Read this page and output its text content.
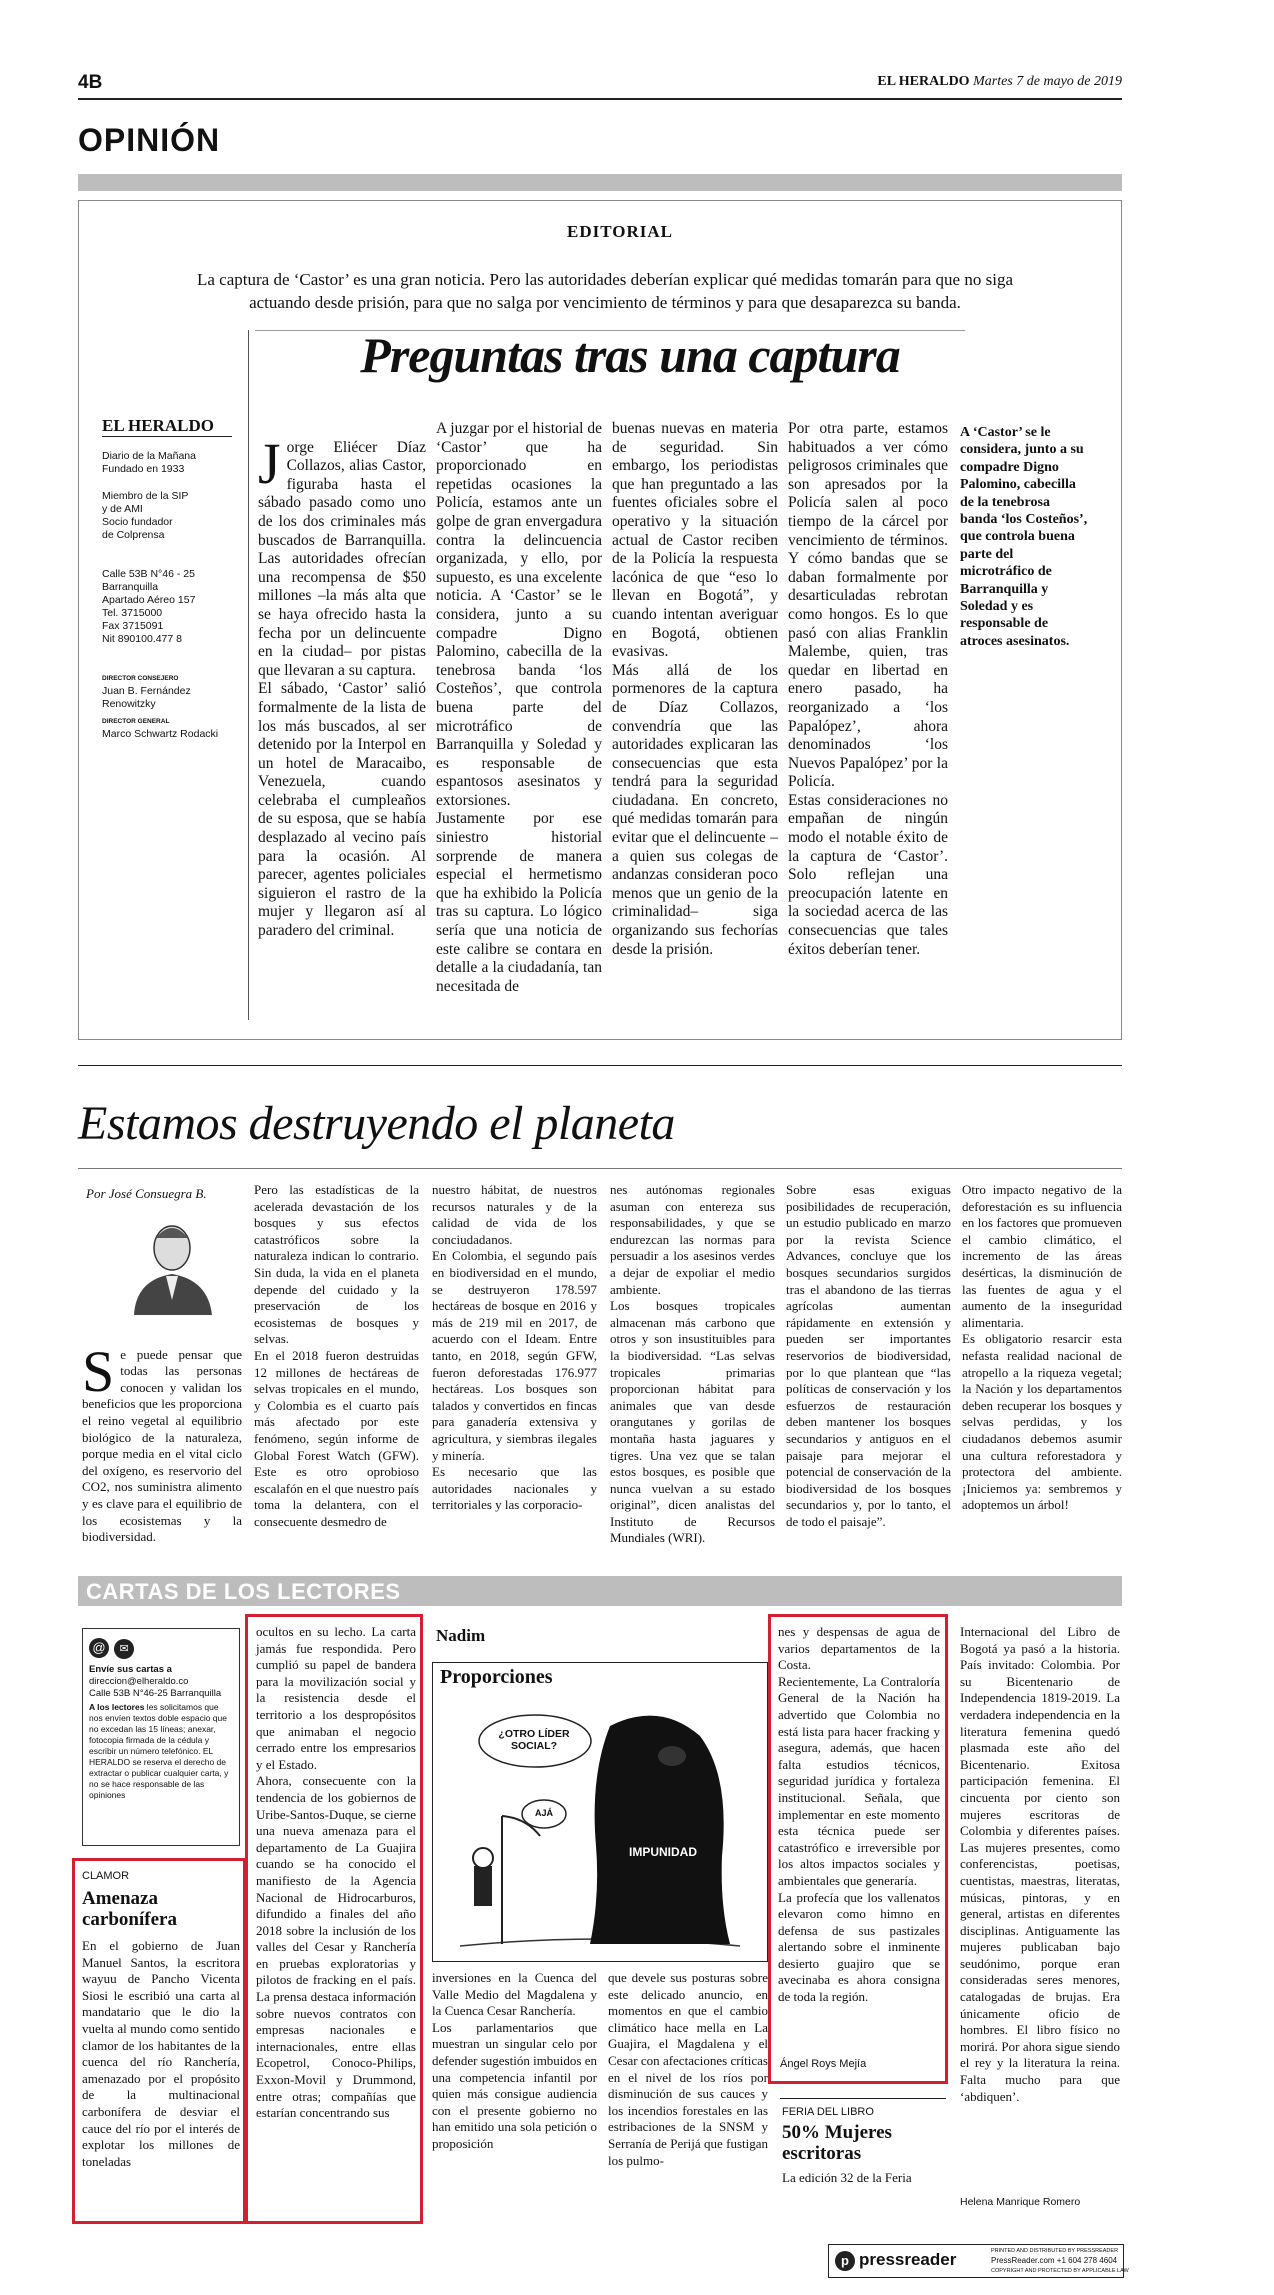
4B	EL HERALDO Martes 7 de mayo de 2019
OPINIÓN
EDITORIAL
La captura de ‘Castor’ es una gran noticia. Pero las autoridades deberían explicar qué medidas tomarán para que no siga actuando desde prisión, para que no salga por vencimiento de términos y para que desaparezca su banda.
Preguntas tras una captura
EL HERALDO
Diario de la Mañana
Fundado en 1933
Miembro de la SIP
y de AMI
Socio fundador
de Colprensa
Calle 53B N°46 - 25
Barranquilla
Apartado Aéreo 157
Tel. 3715000
Fax 3715091
Nit 890100.477 8
DIRECTOR CONSEJERO
Juan B. Fernández
Renowitzky
DIRECTOR GENERAL
Marco Schwartz Rodacki

Jorge Eliécer Díaz Collazos, alias Castor, figuraba hasta el sábado pasado como uno de los dos criminales más buscados de Barranquilla. Las autoridades ofrecían una recompensa de $50 millones –la más alta que se haya ofrecido hasta la fecha por un delincuente en la ciudad– por pistas que llevaran a su captura.
El sábado, ‘Castor’ salió formalmente de la lista de los más buscados, al ser detenido por la Interpol en un hotel de Maracaibo, Venezuela, cuando celebraba el cumpleaños de su esposa, que se había desplazado al vecino país para la ocasión. Al parecer, agentes policiales siguieron el rastro de la mujer y llegaron así al paradero del criminal.

A juzgar por el historial de ‘Castor’ que ha proporcionado en repetidas ocasiones la Policía, estamos ante un golpe de gran envergadura contra la delincuencia organizada, y ello, por supuesto, es una excelente noticia. A ‘Castor’ se le considera, junto a su compadre Digno Palomino, cabecilla de la tenebrosa banda ‘los Costeños’, que controla buena parte del microtráfico de Barranquilla y Soledad y es responsable de espantosos asesinatos y extorsiones.
Justamente por ese siniestro historial sorprende de manera especial el hermetismo que ha exhibido la Policía tras su captura. Lo lógico sería que una noticia de este calibre se contara en detalle a la ciudadanía, tan necesitada de
buenas nuevas en materia de seguridad. Sin embargo, los periodistas que han preguntado a las fuentes oficiales sobre el operativo y la situación actual de Castor reciben de la Policía la respuesta lacónica de que “eso lo llevan en Bogotá”, y cuando intentan averiguar en Bogotá, obtienen evasivas.
Más allá de los pormenores de la captura de Díaz Collazos, convendría que las autoridades explicaran las consecuencias que esta tendrá para la seguridad ciudadana. En concreto, qué medidas tomarán para evitar que el delincuente –a quien sus colegas de andanzas consideran poco menos que un genio de la criminalidad– siga organizando sus fechorías desde la prisión.
Por otra parte, estamos habituados a ver cómo peligrosos criminales que son apresados por la Policía salen al poco tiempo de la cárcel por vencimiento de términos. Y cómo bandas que se daban formalmente por desarticuladas rebrotan como hongos. Es lo que pasó con alias Franklin Malembe, quien, tras quedar en libertad en enero pasado, ha reorganizado a ‘los Papalópez’, ahora denominados ‘los Nuevos Papalópez’ por la Policía.
Estas consideraciones no empañan de ningún modo el notable éxito de la captura de ‘Castor’. Solo reflejan una preocupación latente en la sociedad acerca de las consecuencias que tales éxitos deberían tener.
A ‘Castor’ se le considera, junto a su compadre Digno Palomino, cabecilla de la tenebrosa banda ‘los Costeños’, que controla buena parte del microtráfico de Barranquilla y Soledad y es responsable de atroces asesinatos.
Estamos destruyendo el planeta
Por José Consuegra B.

Se puede pensar que todas las personas conocen y validan los beneficios que les proporciona el reino vegetal al equilibrio biológico de la naturaleza, porque media en el vital ciclo del oxígeno, es reservorio del CO2, nos suministra alimento y es clave para el equilibrio de los ecosistemas y la biodiversidad.

Pero las estadísticas de la acelerada devastación de los bosques y sus efectos catastróficos sobre la naturaleza indican lo contrario. Sin duda, la vida en el planeta depende del cuidado y la preservación de los ecosistemas de bosques y selvas.
En el 2018 fueron destruidas 12 millones de hectáreas de selvas tropicales en el mundo, y Colombia es el cuarto país más afectado por este fenómeno, según informe de Global Forest Watch (GFW). Este es otro oprobioso escalafón en el que nuestro país toma la delantera, con el consecuente desmedro de
nuestro hábitat, de nuestros recursos naturales y de la calidad de vida de los conciudadanos.
En Colombia, el segundo país en biodiversidad en el mundo, se destruyeron 178.597 hectáreas de bosque en 2016 y más de 219 mil en 2017, de acuerdo con el Ideam. Entre tanto, en 2018, según GFW, fueron deforestadas 176.977 hectáreas. Los bosques son talados y convertidos en fincas para ganadería extensiva y agricultura, y siembras ilegales y minería.
Es necesario que las autoridades nacionales y territoriales y las corporacio-
nes autónomas regionales asuman con entereza sus responsabilidades, y que se endurezcan las normas para persuadir a los asesinos verdes a dejar de expoliar el medio ambiente.
Los bosques tropicales almacenan más carbono que otros y son insustituibles para la biodiversidad. “Las selvas tropicales primarias proporcionan hábitat para animales que van desde orangutanes y gorilas de montaña hasta jaguares y tigres. Una vez que se talan estos bosques, es posible que nunca vuelvan a su estado original”, dicen analistas del Instituto de Recursos Mundiales (WRI).
Sobre esas exiguas posibilidades de recuperación, un estudio publicado en marzo por la revista Science Advances, concluye que los bosques secundarios surgidos tras el abandono de las tierras agrícolas aumentan rápidamente en extensión y pueden ser importantes reservorios de biodiversidad, por lo que plantean que “las políticas de conservación y los esfuerzos de restauración deben mantener los bosques secundarios y antiguos en el paisaje para mejorar el potencial de conservación de la biodiversidad de los bosques secundarios y, por lo tanto, el de todo el paisaje”.
Otro impacto negativo de la deforestación es su influencia en los factores que promueven el cambio climático, el incremento de las áreas desérticas, la disminución de las fuentes de agua y el aumento de la inseguridad alimentaria.
Es obligatorio resarcir esta nefasta realidad nacional de atropello a la riqueza vegetal; la Nación y los departamentos deben recuperar los bosques y selvas perdidas, y los ciudadanos debemos asumir una cultura reforestadora y protectora del ambiente. ¡Iniciemos ya: sembremos y adoptemos un árbol!
CARTAS DE LOS LECTORES
@ ✉
Envíe sus cartas a
direccion@elheraldo.co
Calle 53B N°46-25 Barranquilla
A los lectores les solicitamos que nos envíen textos doble espacio que no excedan las 15 líneas; anexar, fotocopia firmada de la cédula y escribir un número telefónico. EL HERALDO se reserva el derecho de extractar o publicar cualquier carta, y no se hace responsable de las opiniones
CLAMOR
Amenaza carbonífera
En el gobierno de Juan Manuel Santos, la escritora wayuu de Pancho Vicenta Siosi le escribió una carta al mandatario que le dio la vuelta al mundo como sentido clamor de los habitantes de la cuenca del río Ranchería, amenazado por el propósito de la multinacional carbonífera de desviar el cauce del río por el interés de explotar los millones de toneladas
ocultos en su lecho. La carta jamás fue respondida. Pero cumplió su papel de bandera para la movilización social y la resistencia desde el territorio a los despropósitos que animaban el negocio cerrado entre los empresarios y el Estado.
Ahora, consecuente con la tendencia de los gobiernos de Uribe-Santos-Duque, se cierne una nueva amenaza para el departamento de La Guajira cuando se ha conocido el manifiesto de la Agencia Nacional de Hidrocarburos, difundido a finales del año 2018 sobre la inclusión de los valles del Cesar y Ranchería en pruebas exploratorias y pilotos de fracking en el país. La prensa destaca información sobre nuevos contratos con empresas nacionales e internacionales, entre ellas Ecopetrol, Conoco-Philips, Exxon-Movil y Drummond, entre otras; compañías que estarían concentrando sus
inversiones en la Cuenca del Valle Medio del Magdalena y la Cuenca Cesar Ranchería.
Los parlamentarios que muestran un singular celo por defender sugestión imbuidos en una competencia infantil por quien más consigue audiencia con el presente gobierno no han emitido una sola petición o proposición
que devele sus posturas sobre este delicado anuncio, en momentos en que el cambio climático hace mella en La Guajira, el Magdalena y el Cesar con afectaciones críticas en el nivel de los ríos por disminución de sus cauces y los incendios forestales en las estribaciones de la SNSM y Serranía de Perijá que fustigan los pulmo-
nes y despensas de agua de varios departamentos de la Costa.
Recientemente, La Contraloría General de la Nación ha advertido que Colombia no está lista para hacer fracking y asegura, además, que hacen falta estudios técnicos, seguridad jurídica y fortaleza institucional. Señala, que implementar en este momento esta técnica puede ser catastrófico e irreversible por los altos impactos sociales y ambientales que generaría.
La profecía que los vallenatos elevaron como himno en defensa de sus pastizales alertando sobre el inminente desierto guajiro que se avecinaba es ahora consigna de toda la región.
Ángel Roys Mejía
Nadim
Proporciones
¿OTRO LÍDER SOCIAL?
AJÁ
IMPUNIDAD
FERIA DEL LIBRO
50% Mujeres escritoras
La edición 32 de la Feria
Internacional del Libro de Bogotá ya pasó a la historia. País invitado: Colombia. Por su Bicentenario de Independencia 1819-2019. La verdadera independencia en la literatura femenina quedó plasmada este año del Bicentenario. Exitosa participación femenina. El cincuenta por ciento son mujeres escritoras de Colombia y diferentes países. Las mujeres presentes, como conferencistas, poetisas, cuentistas, maestras, literatas, músicas, pintoras, y en general, artistas en diferentes disciplinas. Antiguamente las mujeres publicaban bajo seudónimo, porque eran consideradas seres menores, catalogadas de brujas. Era únicamente oficio de hombres. El libro físico no morirá. Por ahora sigue siendo el rey y la literatura la reina. Falta mucho para que ‘abdiquen’.
Helena Manrique Romero
p pressreader	PRINTED AND DISTRIBUTED BY PRESSREADER
PressReader.com +1 604 278 4604
COPYRIGHT AND PROTECTED BY APPLICABLE LAW
